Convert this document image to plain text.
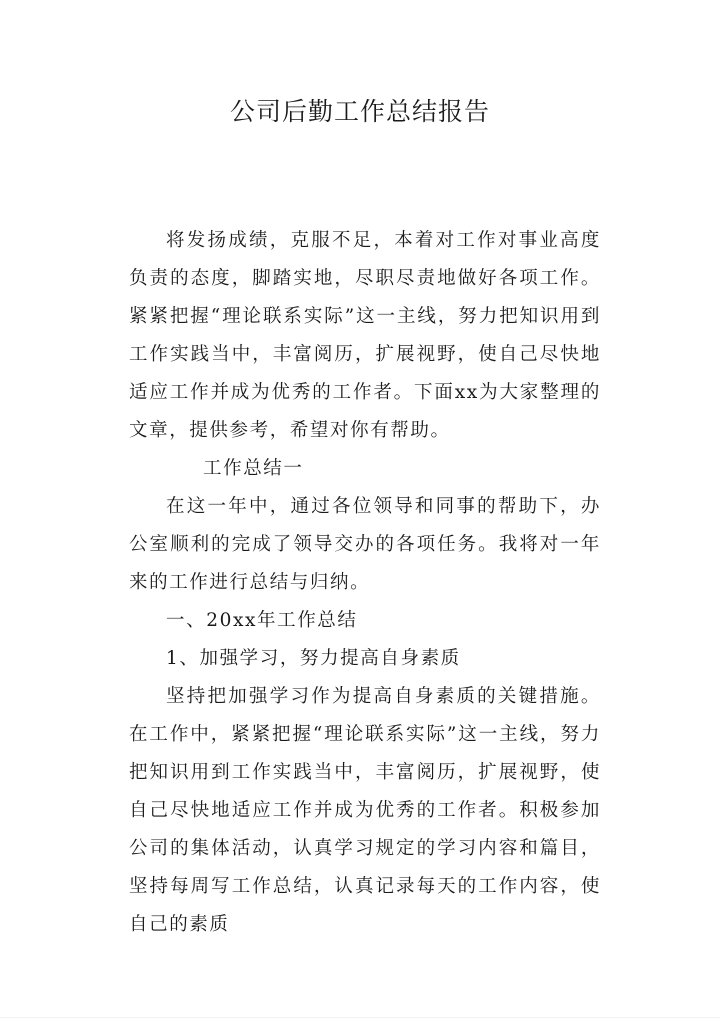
公司后勤工作总结报告

将发扬成绩，克服不足，本着对工作对事业高度负责的态度，脚踏实地，尽职尽责地做好各项工作。紧紧把握“理论联系实际”这一主线，努力把知识用到工作实践当中，丰富阅历，扩展视野，使自己尽快地适应工作并成为优秀的工作者。下面xx为大家整理的文章，提供参考，希望对你有帮助。

工作总结一

在这一年中，通过各位领导和同事的帮助下，办公室顺利的完成了领导交办的各项任务。我将对一年来的工作进行总结与归纳。

一、20xx年工作总结

1、加强学习，努力提高自身素质

坚持把加强学习作为提高自身素质的关键措施。在工作中，紧紧把握“理论联系实际”这一主线，努力把知识用到工作实践当中，丰富阅历，扩展视野，使自己尽快地适应工作并成为优秀的工作者。积极参加公司的集体活动，认真学习规定的学习内容和篇目，坚持每周写工作总结，认真记录每天的工作内容，使自己的素质
